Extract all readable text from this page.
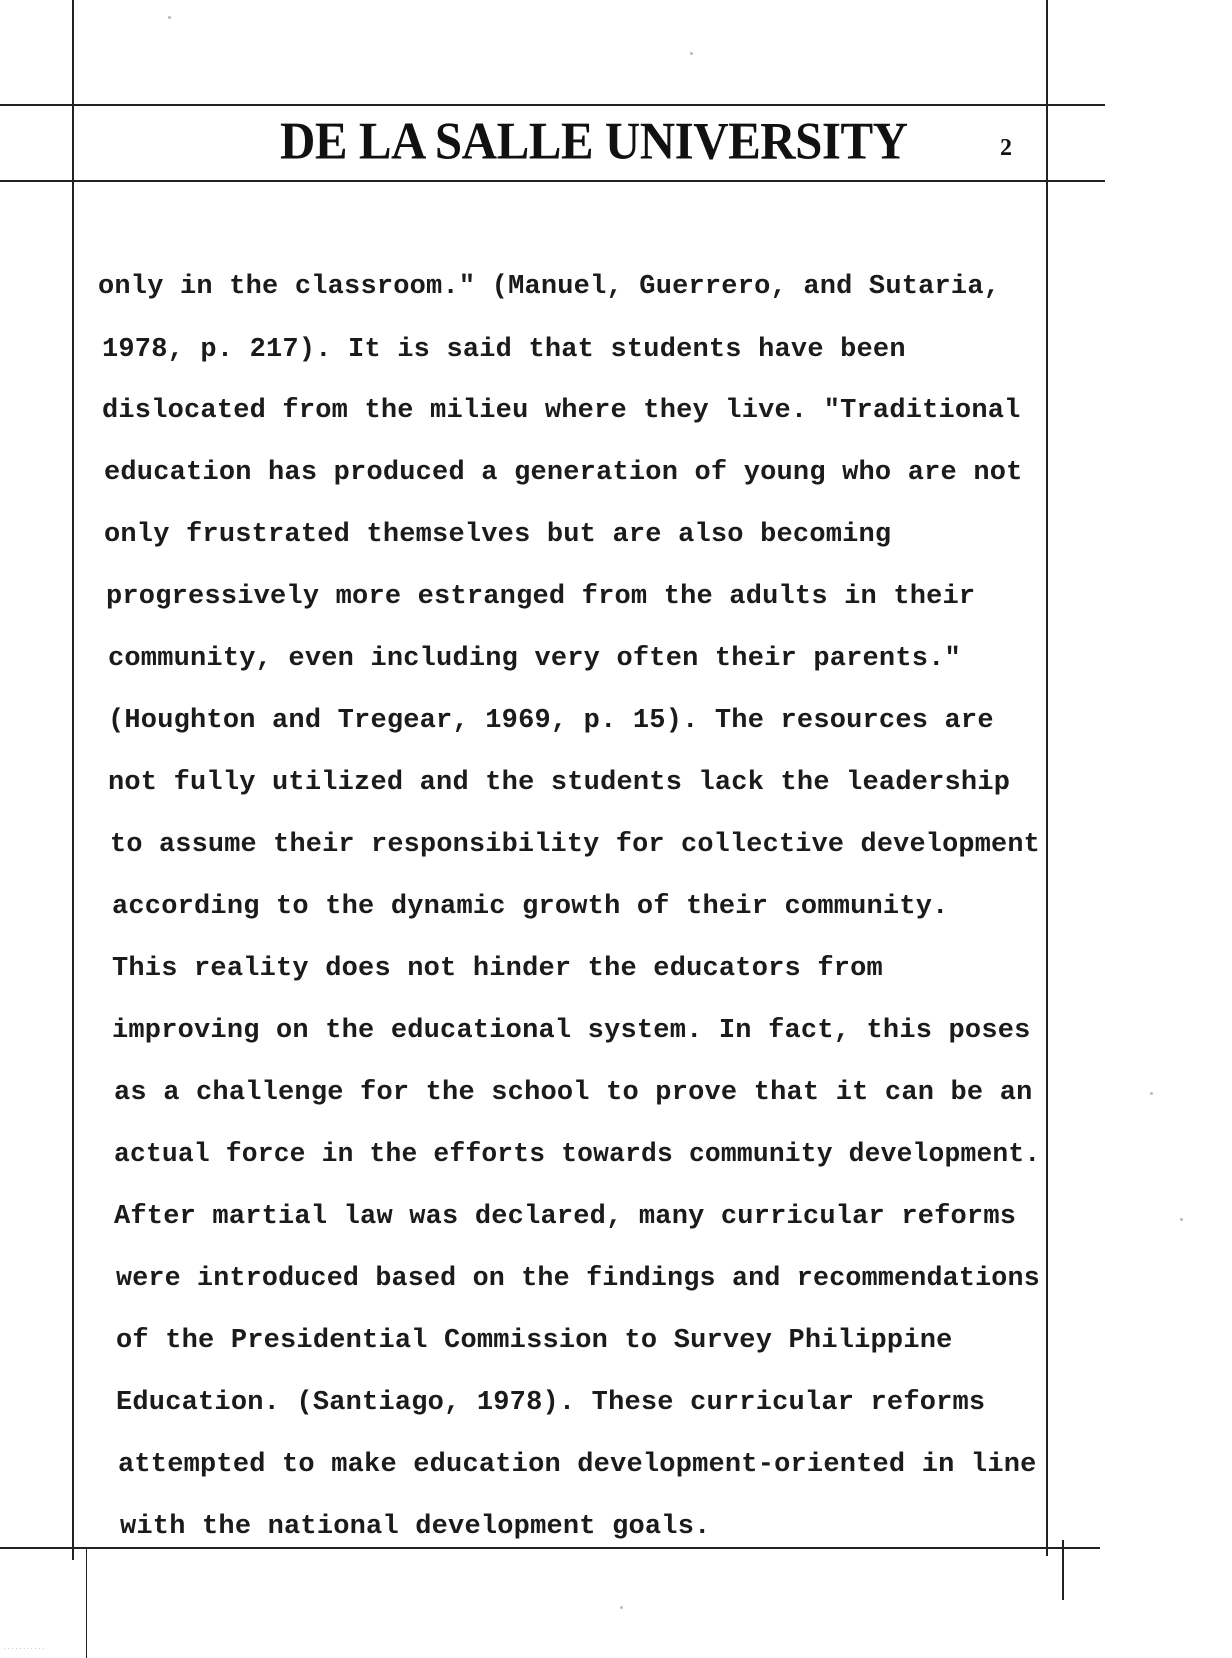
DE LA SALLE UNIVERSITY	2
only in the classroom." (Manuel, Guerrero, and Sutaria,
1978, p. 217). It is said that students have been
dislocated from the milieu where they live. "Traditional
education has produced a generation of young who are not
only frustrated themselves but are also becoming
progressively more estranged from the adults in their
community, even including very often their parents."
(Houghton and Tregear, 1969, p. 15). The resources are
not fully utilized and the students lack the leadership
to assume their responsibility for collective development
according to the dynamic growth of their community.
This reality does not hinder the educators from
improving on the educational system. In fact, this poses
as a challenge for the school to prove that it can be an
actual force in the efforts towards community development.
After martial law was declared, many curricular reforms
were introduced based on the findings and recommendations
of the Presidential Commission to Survey Philippine
Education. (Santiago, 1978). These curricular reforms
attempted to make education development-oriented in line
with the national development goals.
· · · · · · · · · · ·
